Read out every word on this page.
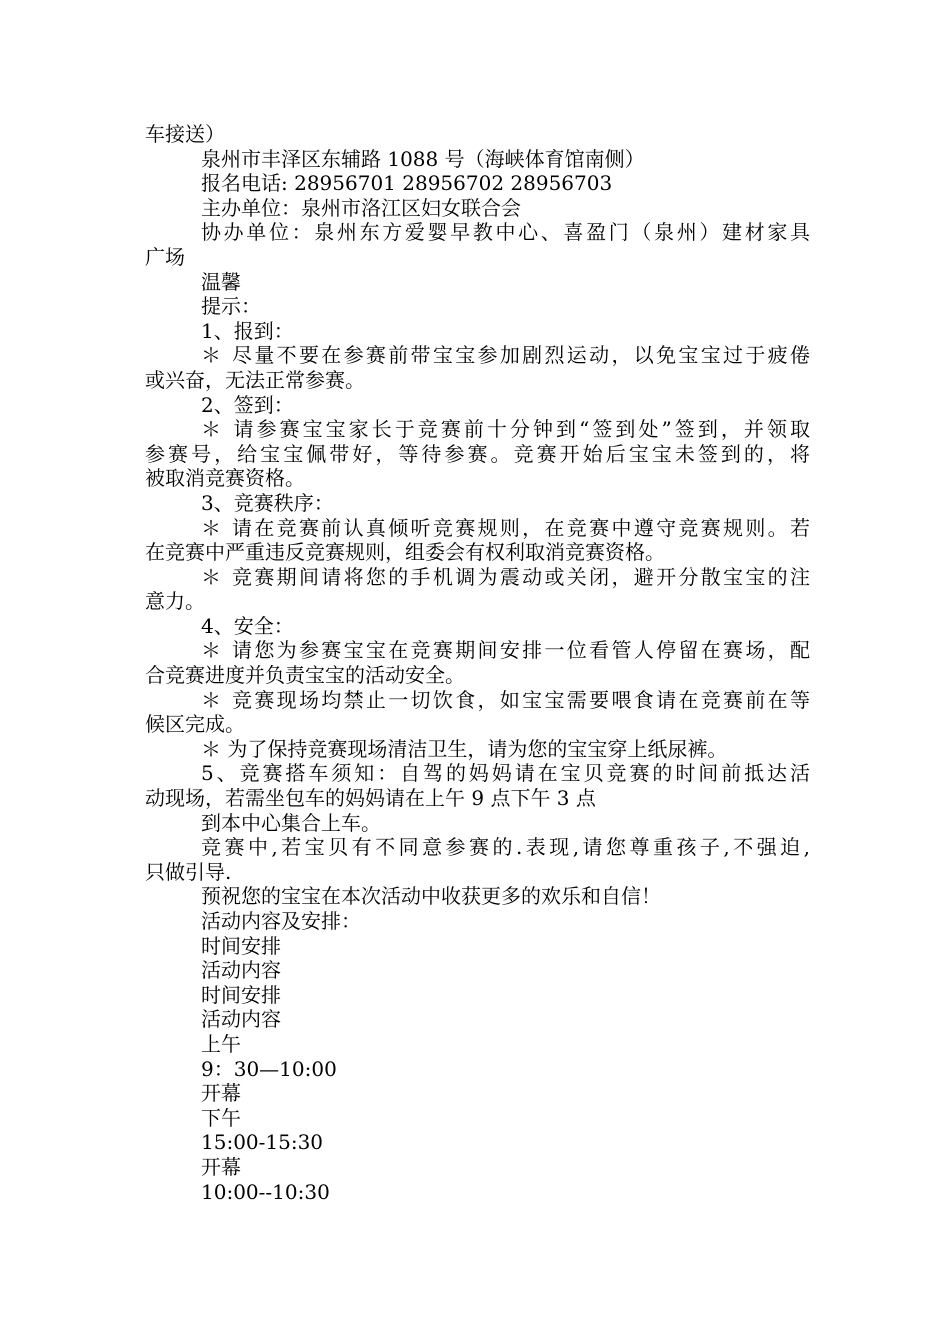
车接送）
泉州市丰泽区东辅路 1088 号（海峡体育馆南侧）
报名电话: 28956701 28956702 28956703
主办单位：泉州市洛江区妇女联合会
协办单位：泉州东方爱婴早教中心、喜盈门（泉州）建材家具
广场
温馨
提示：
1、报到：
＊ 尽量不要在参赛前带宝宝参加剧烈运动，以免宝宝过于疲倦
或兴奋，无法正常参赛。
2、签到：
＊ 请参赛宝宝家长于竞赛前十分钟到“签到处”签到，并领取
参赛号，给宝宝佩带好，等待参赛。竞赛开始后宝宝未签到的，将
被取消竞赛资格。
3、竞赛秩序：
＊ 请在竞赛前认真倾听竞赛规则，在竞赛中遵守竞赛规则。若
在竞赛中严重违反竞赛规则，组委会有权利取消竞赛资格。
＊ 竞赛期间请将您的手机调为震动或关闭，避开分散宝宝的注
意力。
4、安全：
＊ 请您为参赛宝宝在竞赛期间安排一位看管人停留在赛场，配
合竞赛进度并负责宝宝的活动安全。
＊ 竞赛现场均禁止一切饮食，如宝宝需要喂食请在竞赛前在等
候区完成。
＊ 为了保持竞赛现场清洁卫生，请为您的宝宝穿上纸尿裤。
5、竞赛搭车须知：自驾的妈妈请在宝贝竞赛的时间前抵达活
动现场，若需坐包车的妈妈请在上午 9 点下午 3 点
到本中心集合上车。
竞赛中,若宝贝有不同意参赛的.表现,请您尊重孩子,不强迫,
只做引导.
预祝您的宝宝在本次活动中收获更多的欢乐和自信！
活动内容及安排：
时间安排
活动内容
时间安排
活动内容
上午
9：30—10:00
开幕
下午
15:00-15:30
开幕
10:00--10:30
